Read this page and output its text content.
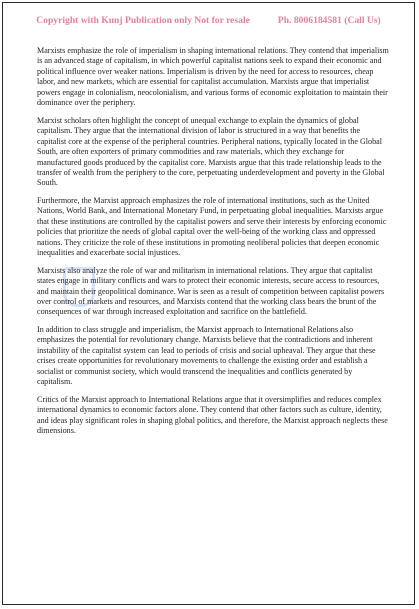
Copyright with Kunj Publication only Not for resale	Ph. 8006184581 (Call Us)

Marxists emphasize the role of imperialism in shaping international relations. They contend that imperialism is an advanced stage of capitalism, in which powerful capitalist nations seek to expand their economic and political influence over weaker nations. Imperialism is driven by the need for access to resources, cheap labor, and new markets, which are essential for capitalist accumulation. Marxists argue that imperialist powers engage in colonialism, neocolonialism, and various forms of economic exploitation to maintain their dominance over the periphery.

Marxist scholars often highlight the concept of unequal exchange to explain the dynamics of global capitalism. They argue that the international division of labor is structured in a way that benefits the capitalist core at the expense of the peripheral countries. Peripheral nations, typically located in the Global South, are often exporters of primary commodities and raw materials, which they exchange for manufactured goods produced by the capitalist core. Marxists argue that this trade relationship leads to the transfer of wealth from the periphery to the core, perpetuating underdevelopment and poverty in the Global South.

Furthermore, the Marxist approach emphasizes the role of international institutions, such as the United Nations, World Bank, and International Monetary Fund, in perpetuating global inequalities. Marxists argue that these institutions are controlled by the capitalist powers and serve their interests by enforcing economic policies that prioritize the needs of global capital over the well-being of the working class and oppressed nations. They criticize the role of these institutions in promoting neoliberal policies that deepen economic inequalities and exacerbate social injustices.

Marxists also analyze the role of war and militarism in international relations. They argue that capitalist states engage in military conflicts and wars to protect their economic interests, secure access to resources, and maintain their geopolitical dominance. War is seen as a result of competition between capitalist powers over control of markets and resources, and Marxists contend that the working class bears the brunt of the consequences of war through increased exploitation and sacrifice on the battlefield.

In addition to class struggle and imperialism, the Marxist approach to International Relations also emphasizes the potential for revolutionary change. Marxists believe that the contradictions and inherent instability of the capitalist system can lead to periods of crisis and social upheaval. They argue that these crises create opportunities for revolutionary movements to challenge the existing order and establish a socialist or communist society, which would transcend the inequalities and conflicts generated by capitalism.

Critics of the Marxist approach to International Relations argue that it oversimplifies and reduces complex international dynamics to economic factors alone. They contend that other factors such as culture, identity, and ideas play significant roles in shaping global politics, and therefore, the Marxist approach neglects these dimensions.
